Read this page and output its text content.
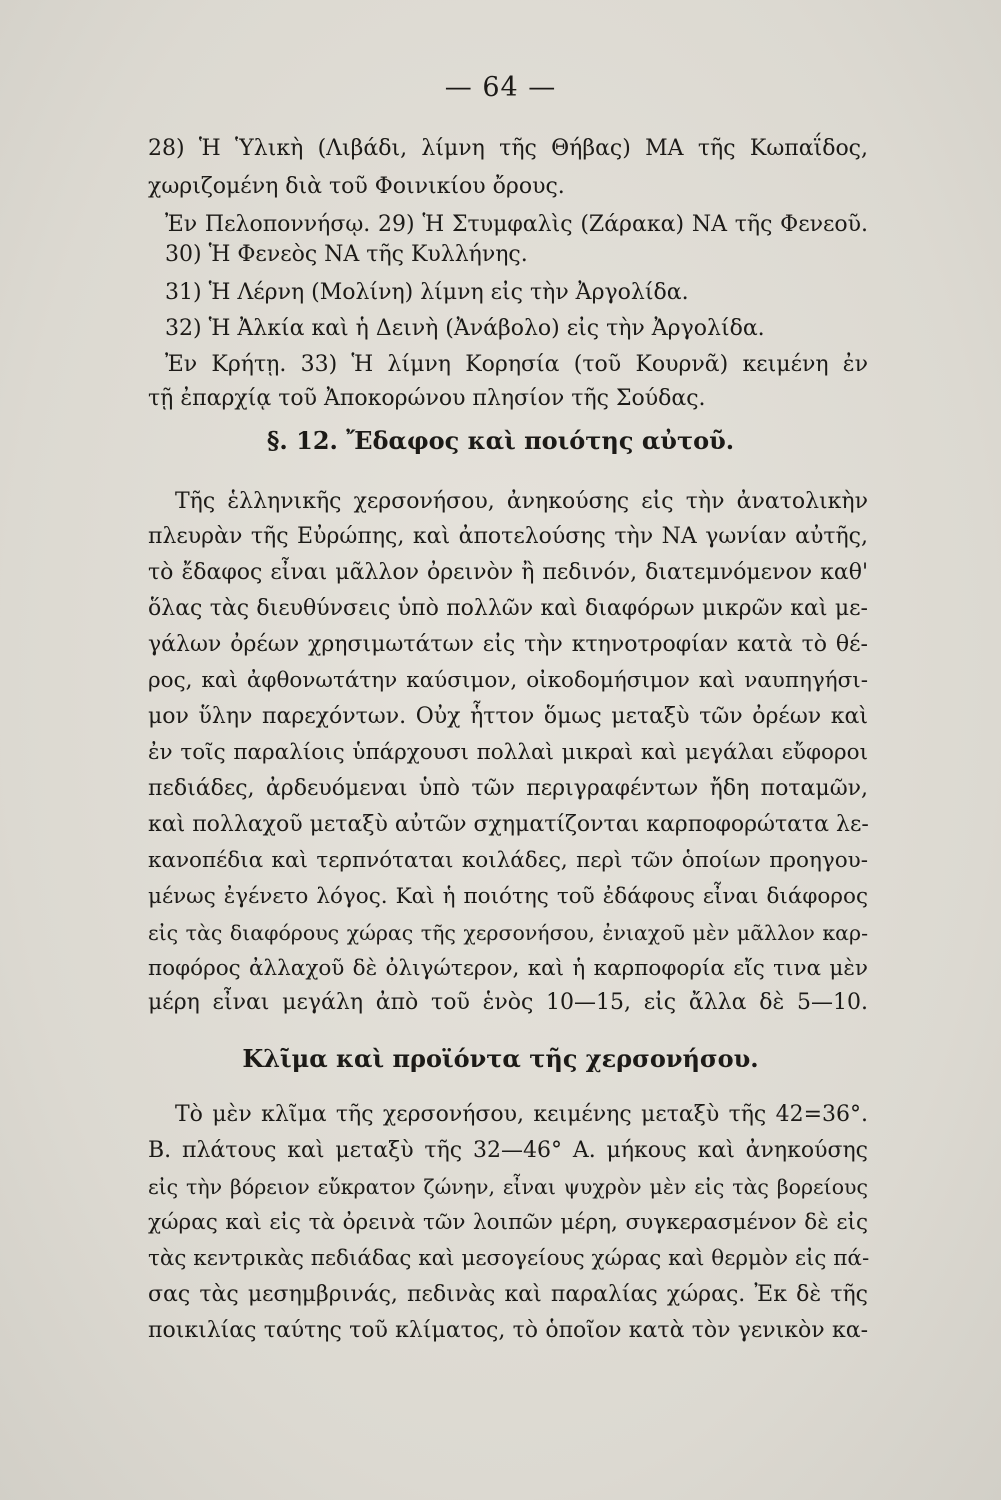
— 64 —
28) Ἡ Ὑλικὴ (Λιβάδι, λίμνη τῆς Θήβας) ΜΑ τῆς Κωπαΐδος,
χωριζομένη διὰ τοῦ Φοινικίου ὄρους.
Ἐν Πελοποννήσῳ. 29) Ἡ Στυμφαλὶς (Ζάρακα) ΝΑ τῆς Φενεοῦ.
30) Ἡ Φενεὸς ΝΑ τῆς Κυλλήνης.
31) Ἡ Λέρνη (Μολίνη) λίμνη εἰς τὴν Ἀργολίδα.
32) Ἡ Ἀλκία καὶ ἡ Δεινὴ (Ἀνάβολο) εἰς τὴν Ἀργολίδα.
Ἐν Κρήτῃ. 33) Ἡ λίμνη Κορησία (τοῦ Κουρνᾶ) κειμένη ἐν
τῇ ἐπαρχίᾳ τοῦ Ἀποκορώνου πλησίον τῆς Σούδας.
§. 12. Ἔδαφος καὶ ποιότης αὐτοῦ.
Τῆς ἑλληνικῆς χερσονήσου, ἀνηκούσης εἰς τὴν ἀνατολικὴν
πλευρὰν τῆς Εὐρώπης, καὶ ἀποτελούσης τὴν ΝΑ γωνίαν αὐτῆς,
τὸ ἔδαφος εἶναι μᾶλλον ὀρεινὸν ἢ πεδινόν, διατεμνόμενον καθ'
ὅλας τὰς διευθύνσεις ὑπὸ πολλῶν καὶ διαφόρων μικρῶν καὶ με-
γάλων ὀρέων χρησιμωτάτων εἰς τὴν κτηνοτροφίαν κατὰ τὸ θέ-
ρος, καὶ ἀφθονωτάτην καύσιμον, οἰκοδομήσιμον καὶ ναυπηγήσι-
μον ὕλην παρεχόντων. Οὐχ ἧττον ὅμως μεταξὺ τῶν ὀρέων καὶ
ἐν τοῖς παραλίοις ὑπάρχουσι πολλαὶ μικραὶ καὶ μεγάλαι εὔφοροι
πεδιάδες, ἀρδευόμεναι ὑπὸ τῶν περιγραφέντων ἤδη ποταμῶν,
καὶ πολλαχοῦ μεταξὺ αὐτῶν σχηματίζονται καρποφορώτατα λε-
κανοπέδια καὶ τερπνόταται κοιλάδες, περὶ τῶν ὁποίων προηγου-
μένως ἐγένετο λόγος. Καὶ ἡ ποιότης τοῦ ἐδάφους εἶναι διάφορος
εἰς τὰς διαφόρους χώρας τῆς χερσονήσου, ἐνιαχοῦ μὲν μᾶλλον καρ-
ποφόρος ἀλλαχοῦ δὲ ὀλιγώτερον, καὶ ἡ καρποφορία εἴς τινα μὲν
μέρη εἶναι μεγάλη ἀπὸ τοῦ ἑνὸς 10—15, εἰς ἄλλα δὲ 5—10.
Κλῖμα καὶ προϊόντα τῆς χερσονήσου.
Τὸ μὲν κλῖμα τῆς χερσονήσου, κειμένης μεταξὺ τῆς 42=36°.
Β. πλάτους καὶ μεταξὺ τῆς 32—46° Α. μήκους καὶ ἀνηκούσης
εἰς τὴν βόρειον εὔκρατον ζώνην, εἶναι ψυχρὸν μὲν εἰς τὰς βορείους
χώρας καὶ εἰς τὰ ὀρεινὰ τῶν λοιπῶν μέρη, συγκερασμένον δὲ εἰς
τὰς κεντρικὰς πεδιάδας καὶ μεσογείους χώρας καὶ θερμὸν εἰς πά-
σας τὰς μεσημβρινάς, πεδινὰς καὶ παραλίας χώρας. Ἐκ δὲ τῆς
ποικιλίας ταύτης τοῦ κλίματος, τὸ ὁποῖον κατὰ τὸν γενικὸν κα-
